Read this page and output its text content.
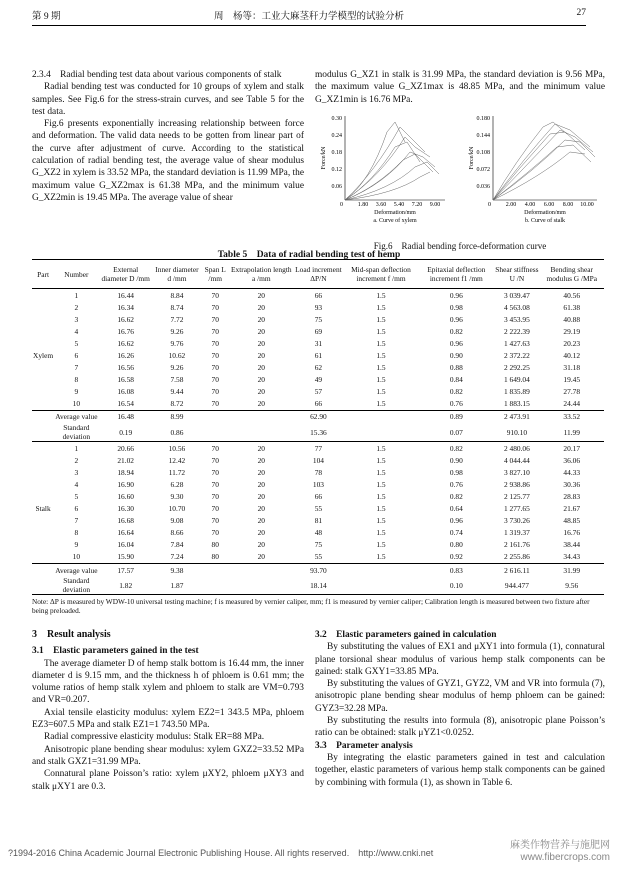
第 9 期	周　杨等：工业大麻茎秆力学模型的试验分析	27

2.3.4　Radial bending test data about various components of stalk

Radial bending test was conducted for 10 groups of xylem and stalk samples. See Fig.6 for the stress-strain curves, and see Table 5 for the test data.

Fig.6 presents exponentially increasing relationship between force and deformation. The valid data needs to be gotten from linear part of the curve after adjustment of curve. According to the statistical calculation of radial bending test, the average value of shear modulus G_XZ2 in xylem is 33.52 MPa, the standard deviation is 11.99 MPa, the maximum value G_XZ2max is 61.38 MPa, and the minimum value G_XZ2min is 19.45 MPa. The average value of shear

modulus G_XZ1 in stalk is 31.99 MPa, the standard deviation is 9.56 MPa, the maximum value G_XZ1max is 48.85 MPa, and the minimum value G_XZ1min is 16.76 MPa.

0.30
0.24
0.18
0.12
0.06
0 1.80 3.60 5.40 7.20 9.00
Deformation/mm
a. Curve of xylem
Force/kN
0.180
0.144
0.108
0.072
0.036
0 2.00 4.00 6.00 8.00 10.00
Deformation/mm
b. Curve of stalk
Force/kN
Fig.6　Radial bending force-deformation curve
Table 5　Data of radial bending test of hemp
Part	Number	External diameter D /mm	Inner diameter d /mm	Span L /mm	Extrapolation length a /mm	Load increment ΔP/N	Mid-span deflection increment f /mm	Epitaxial deflection increment f1 /mm	Shear stiffness U /N	Bending shear modulus G /MPa
	1	16.44	8.84	70	20	66	1.5	0.96	3 039.47	40.56
	2	16.34	8.74	70	20	93	1.5	0.98	4 563.08	61.38
	3	16.62	7.72	70	20	75	1.5	0.96	3 453.95	40.88
	4	16.76	9.26	70	20	69	1.5	0.82	2 222.39	29.19
	5	16.62	9.76	70	20	31	1.5	0.96	1 427.63	20.23
Xylem	6	16.26	10.62	70	20	61	1.5	0.90	2 372.22	40.12
	7	16.56	9.26	70	20	62	1.5	0.88	2 292.25	31.18
	8	16.58	7.58	70	20	49	1.5	0.84	1 649.04	19.45
	9	16.08	9.44	70	20	57	1.5	0.82	1 835.89	27.78
	10	16.54	8.72	70	20	66	1.5	0.76	1 883.15	24.44
	Average value	16.48	8.99			62.90		0.89	2 473.91	33.52
	Standard deviation	0.19	0.86			15.36		0.07	910.10	11.99
	1	20.66	10.56	70	20	77	1.5	0.82	2 480.06	20.17
	2	21.02	12.42	70	20	104	1.5	0.90	4 044.44	36.06
	3	18.94	11.72	70	20	78	1.5	0.98	3 827.10	44.33
	4	16.90	6.28	70	20	103	1.5	0.76	2 938.86	30.36
	5	16.60	9.30	70	20	66	1.5	0.82	2 125.77	28.83
Stalk	6	16.30	10.70	70	20	55	1.5	0.64	1 277.65	21.67
	7	16.68	9.08	70	20	81	1.5	0.96	3 730.26	48.85
	8	16.64	8.66	70	20	48	1.5	0.74	1 319.37	16.76
	9	16.04	7.84	80	20	75	1.5	0.80	2 161.76	38.44
	10	15.90	7.24	80	20	55	1.5	0.92	2 255.86	34.43
	Average value	17.57	9.38			93.70		0.83	2 616.11	31.99
	Standard deviation	1.82	1.87			18.14		0.10	944.477	9.56
Note: ΔP is measured by WDW-10 universal testing machine; f is measured by vernier caliper, mm; f1 is measured by vernier caliper; Calibration length is measured between two fixture after being preloaded.

3　Result analysis

3.1　Elastic parameters gained in the test

The average diameter D of hemp stalk bottom is 16.44 mm, the inner diameter d is 9.15 mm, and the thickness h of phloem is 0.61 mm; the volume ratios of hemp stalk xylem and phloem to stalk are VM=0.793 and VR=0.207.

Axial tensile elasticity modulus: xylem EZ2=1 343.5 MPa, phloem EZ3=607.5 MPa and stalk EZ1=1 743.50 MPa.

Radial compressive elasticity modulus: Stalk ER=88 MPa.

Anisotropic plane bending shear modulus: xylem GXZ2=33.52 MPa and stalk GXZ1=31.99 MPa.

Connatural plane Poisson’s ratio: xylem μXY2, phloem μXY3 and stalk μXY1 are 0.3.

3.2　Elastic parameters gained in calculation

By substituting the values of EX1 and μXY1 into formula (1), connatural plane torsional shear modulus of various hemp stalk components can be gained: stalk GXY1=33.85 MPa.

By substituting the values of GYZ1, GYZ2, VM and VR into formula (7), anisotropic plane bending shear modulus of hemp phloem can be gained: GYZ3=32.28 MPa.

By substituting the results into formula (8), anisotropic plane Poisson’s ratio can be obtained: stalk μYZ1<0.0252.

3.3　Parameter analysis

By integrating the elastic parameters gained in test and calculation together, elastic parameters of various hemp stalk components can be gained by combining with formula (1), as shown in Table 6.

?1994-2016 China Academic Journal Electronic Publishing House. All rights reserved.　http://www.cnki.net
麻类作物营养与施肥网
www.fibercrops.com
